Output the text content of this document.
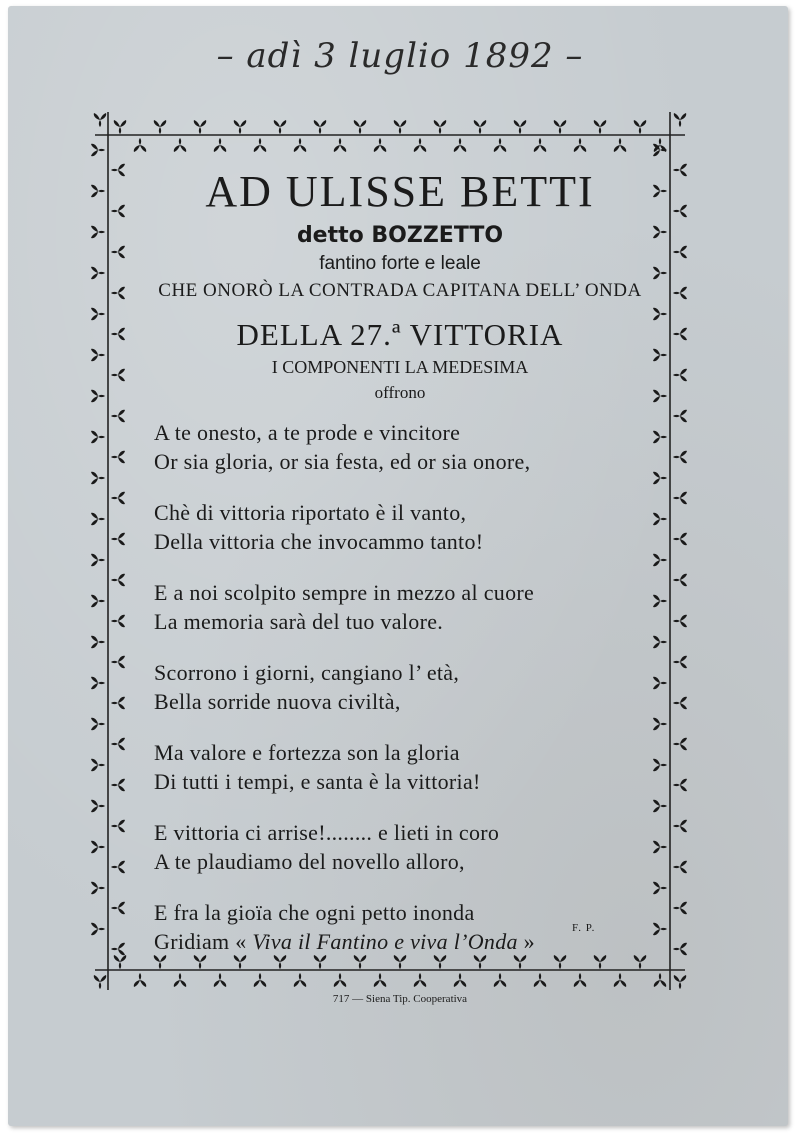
– adì 3 luglio 1892 –
AD ULISSE BETTI
detto BOZZETTO
fantino forte e leale
CHE ONORÒ LA CONTRADA CAPITANA DELL’ ONDA
DELLA 27.ª VITTORIA
I COMPONENTI LA MEDESIMA
offrono
A te onesto, a te prode e vincitore
Or sia gloria, or sia festa, ed or sia onore,
Chè di vittoria riportato è il vanto,
Della vittoria che invocammo tanto!
E a noi scolpito sempre in mezzo al cuore
La memoria sarà del tuo valore.
Scorrono i giorni, cangiano l’ età,
Bella sorride nuova civiltà,
Ma valore e fortezza son la gloria
Di tutti i tempi, e santa è la vittoria!
E vittoria ci arrise!........ e lieti in coro
A te plaudiamo del novello alloro,
E fra la gioïa che ogni petto inonda
Gridiam « Viva il Fantino e viva l’Onda »
F. P.
717 — Siena Tip. Cooperativa
